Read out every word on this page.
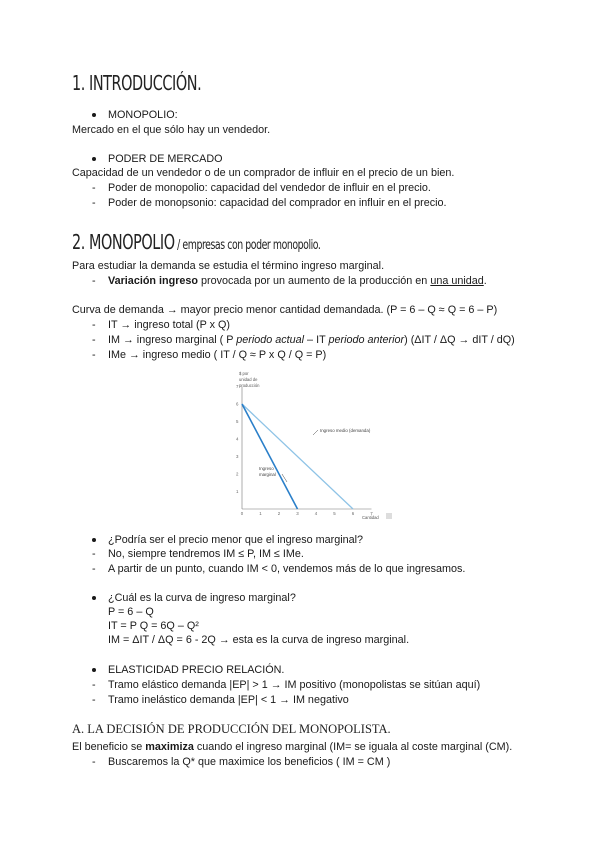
1. INTRODUCCIÓN.
MONOPOLIO:
Mercado en el que sólo hay un vendedor.
PODER DE MERCADO
Capacidad de un vendedor o de un comprador de influir en el precio de un bien.
- Poder de monopolio: capacidad del vendedor de influir en el precio.
- Poder de monopsonio: capacidad del comprador en influir en el precio.
2. MONOPOLIO / empresas con poder monopolio.
Para estudiar la demanda se estudia el término ingreso marginal.
- Variación ingreso provocada por un aumento de la producción en una unidad.
Curva de demanda → mayor precio menor cantidad demandada. (P = 6 – Q ≈ Q = 6 – P)
- IT → ingreso total (P x Q)
- IM → ingreso marginal ( P periodo actual – IT periodo anterior) (ΔIT / ΔQ → dIT / dQ)
- IMe → ingreso medio ( IT / Q ≈ P x Q / Q = P)
0	1	2	3	4	5	6	7
1
2
3
4
5
6
7
$ por
unidad de
producción
Cantidad
Ingreso medio (demanda)
Ingreso
marginal
¿Podría ser el precio menor que el ingreso marginal?
- No, siempre tendremos IM ≤ P, IM ≤ IMe.
- A partir de un punto, cuando IM < 0, vendemos más de lo que ingresamos.
¿Cuál es la curva de ingreso marginal?
P = 6 – Q
IT = P Q = 6Q – Q²
IM = ΔIT / ΔQ = 6 - 2Q → esta es la curva de ingreso marginal.
ELASTICIDAD PRECIO RELACIÓN.
- Tramo elástico demanda |EP| > 1 → IM positivo (monopolistas se sitúan aquí)
- Tramo inelástico demanda |EP| < 1 → IM negativo
A. LA DECISIÓN DE PRODUCCIÓN DEL MONOPOLISTA.
El beneficio se maximiza cuando el ingreso marginal (IM= se iguala al coste marginal (CM).
- Buscaremos la Q* que maximice los beneficios ( IM = CM )
